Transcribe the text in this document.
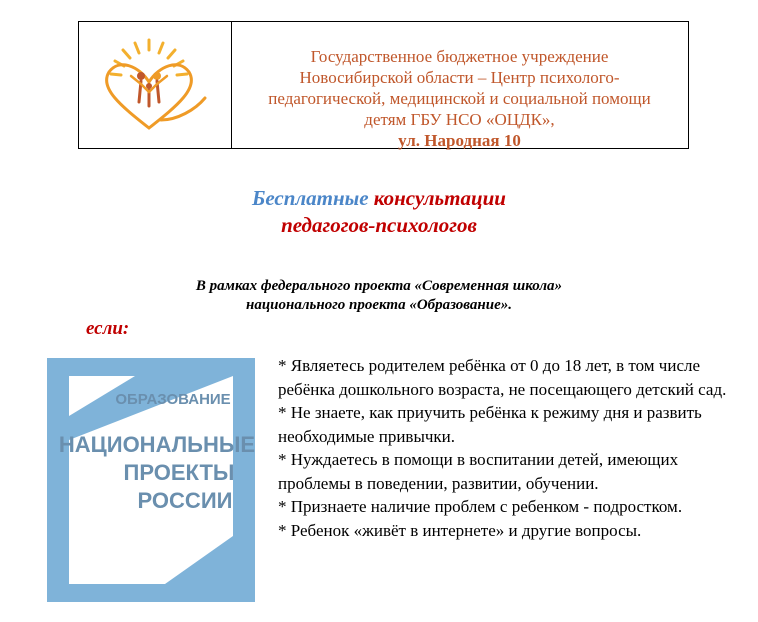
Государственное бюджетное учреждение
Новосибирской области – Центр психолого-
педагогической, медицинской и социальной помощи
детям ГБУ НСО «ОЦДК»,
ул. Народная 10
Бесплатные консультации
педагогов-психологов
В рамках федерального проекта «Современная школа»
национального проекта «Образование».
если:
ОБРАЗОВАНИЕ
НАЦИОНАЛЬНЫЕ
ПРОЕКТЫ
РОССИИ
* Являетесь родителем ребёнка от 0 до 18 лет, в том числе ребёнка дошкольного возраста, не посещающего детский сад.
* Не знаете, как приучить ребёнка к режиму дня и развить необходимые привычки.
* Нуждаетесь в помощи в воспитании детей, имеющих проблемы в поведении, развитии, обучении.
* Признаете наличие проблем с ребенком - подростком.
* Ребенок «живёт в интернете» и другие вопросы.
